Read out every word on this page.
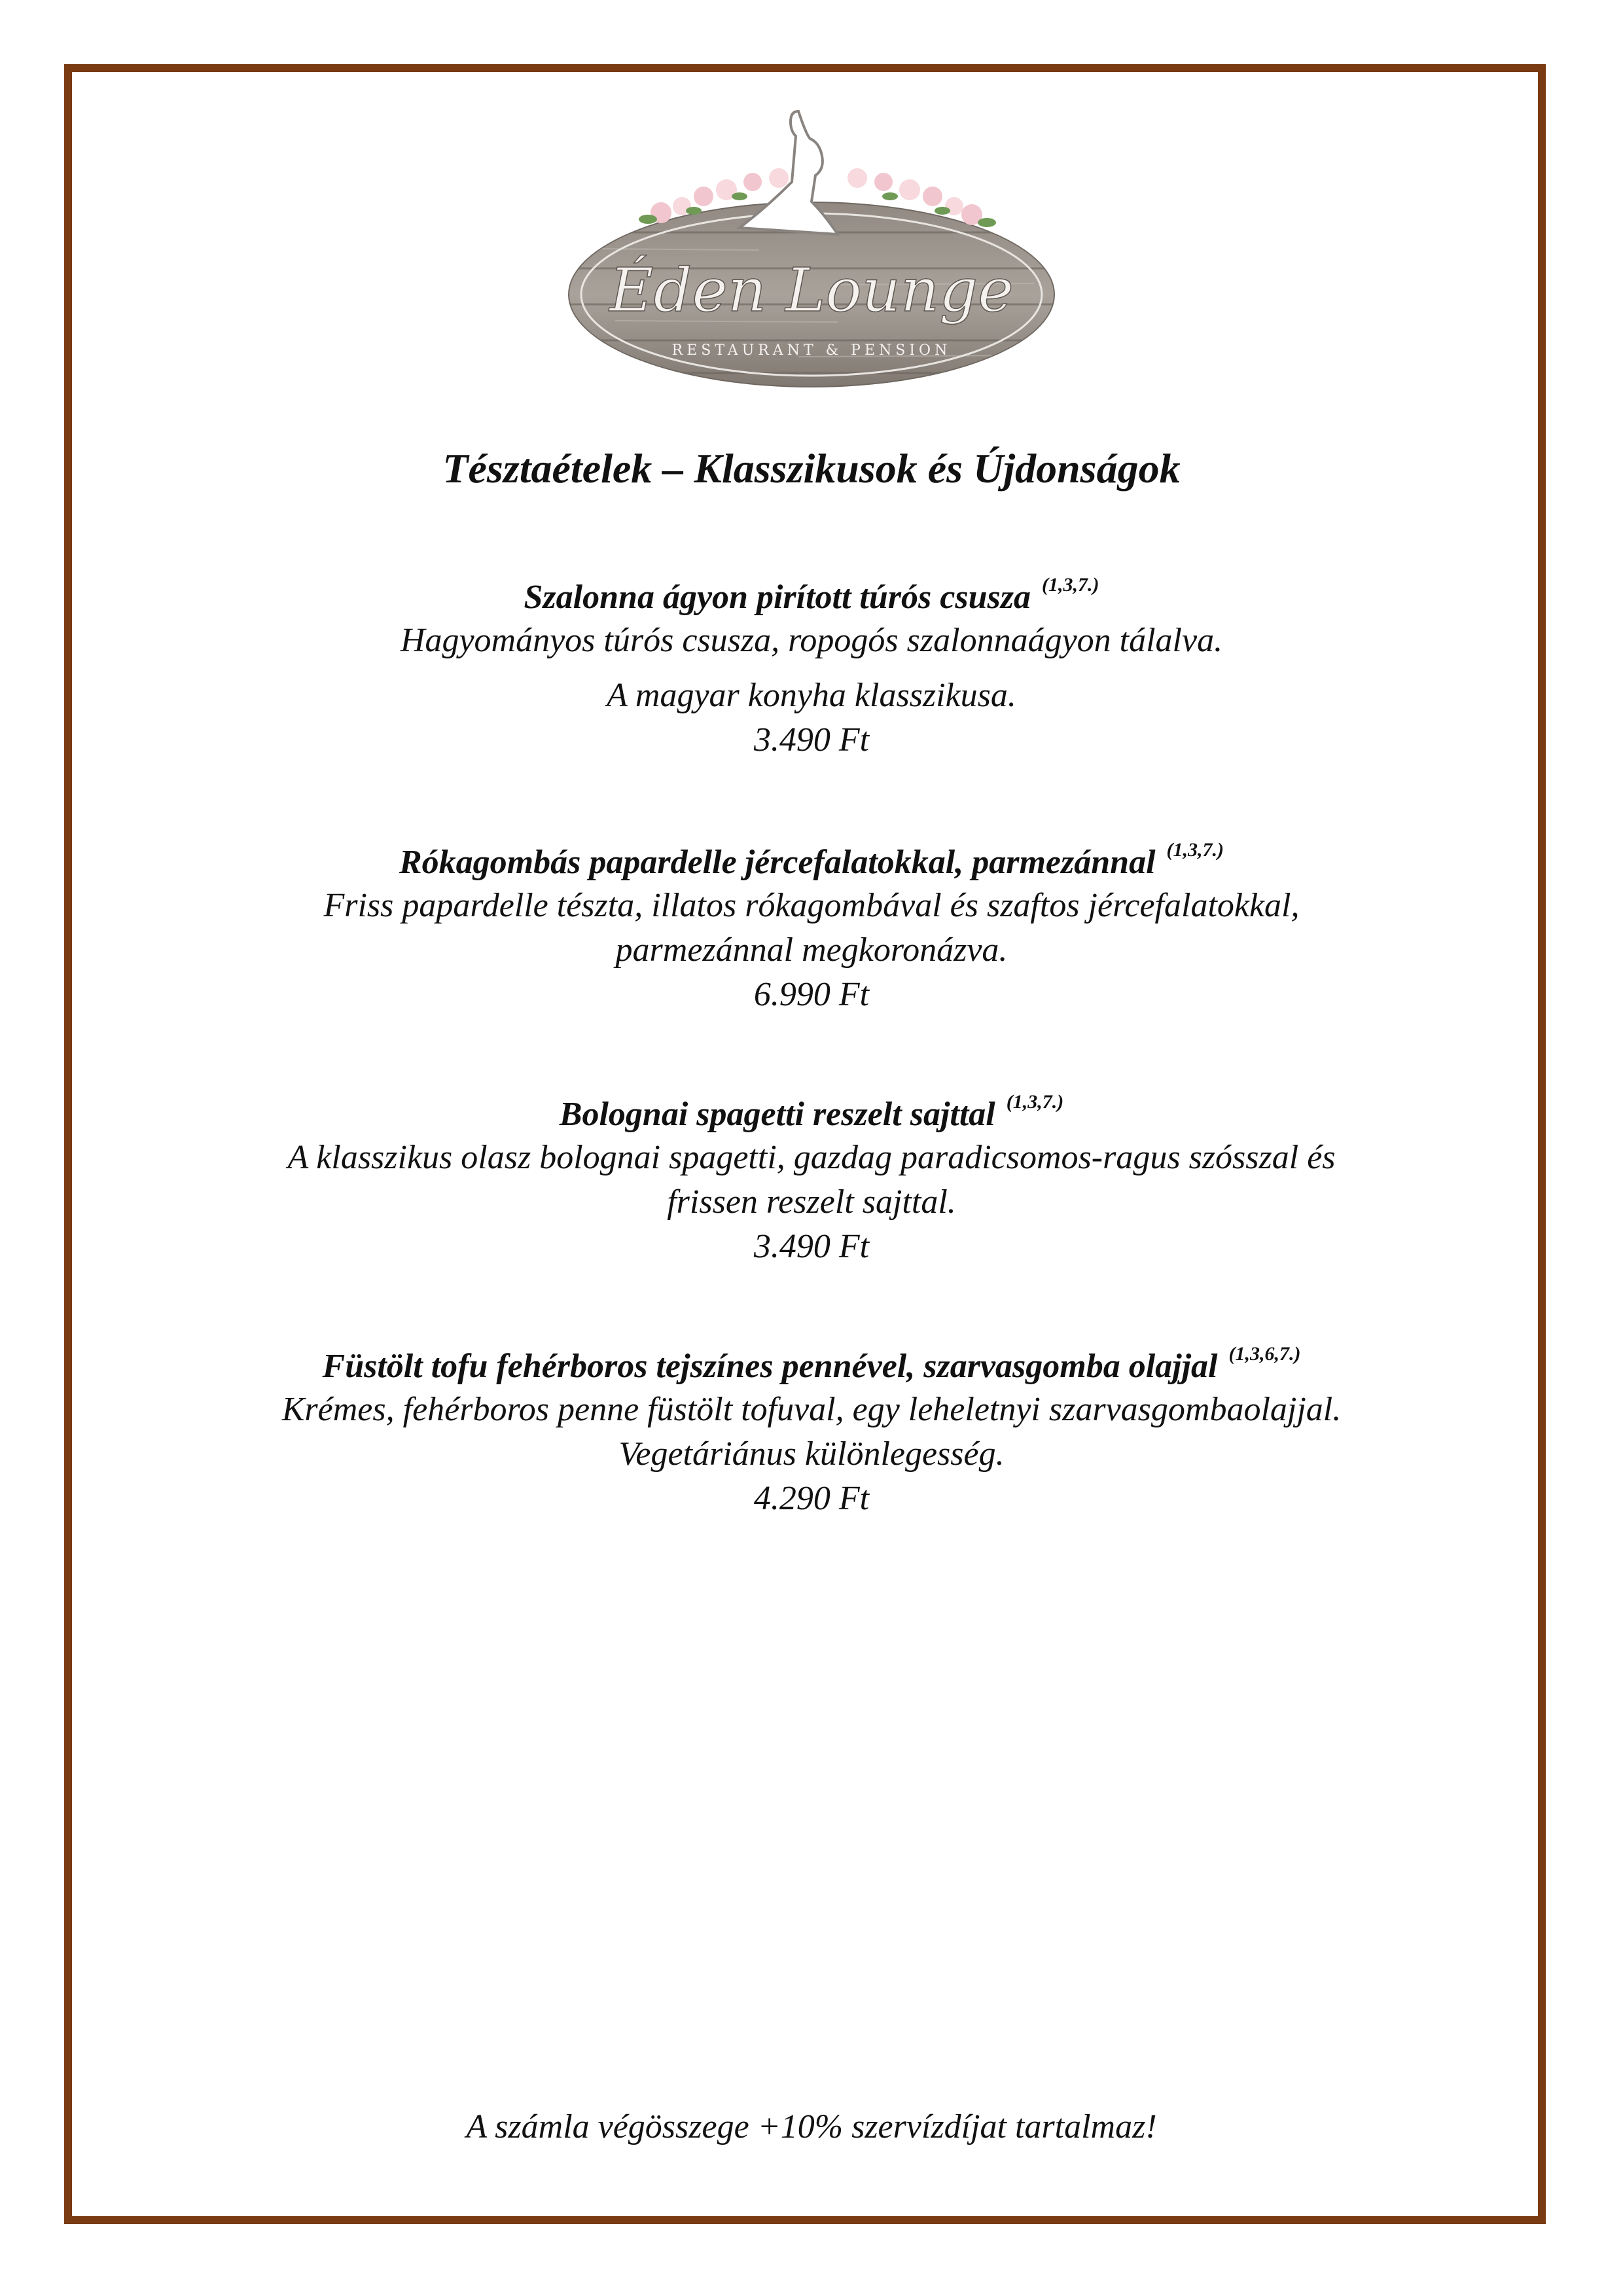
Éden Lounge
RESTAURANT & PENSION
Tésztaételek – Klasszikusok és Újdonságok
Szalonna ágyon pirított túrós csusza $^{(1,3,7.)}$
Hagyományos túrós csusza, ropogós szalonnaágyon tálalva.
A magyar konyha klasszikusa.
3.490 Ft
Rókagombás papardelle jércefalatokkal, parmezánnal $^{(1,3,7.)}$
Friss papardelle tészta, illatos rókagombával és szaftos jércefalatokkal,
parmezánnal megkoronázva.
6.990 Ft
Bolognai spagetti reszelt sajttal $^{(1,3,7.)}$
A klasszikus olasz bolognai spagetti, gazdag paradicsomos-ragus szósszal és
frissen reszelt sajttal.
3.490 Ft
Füstölt tofu fehérboros tejszínes pennével, szarvasgomba olajjal $^{(1,3,6,7.)}$
Krémes, fehérboros penne füstölt tofuval, egy leheletnyi szarvasgombaolajjal.
Vegetáriánus különlegesség.
4.290 Ft
A számla végösszege +10% szervízdíjat tartalmaz!
